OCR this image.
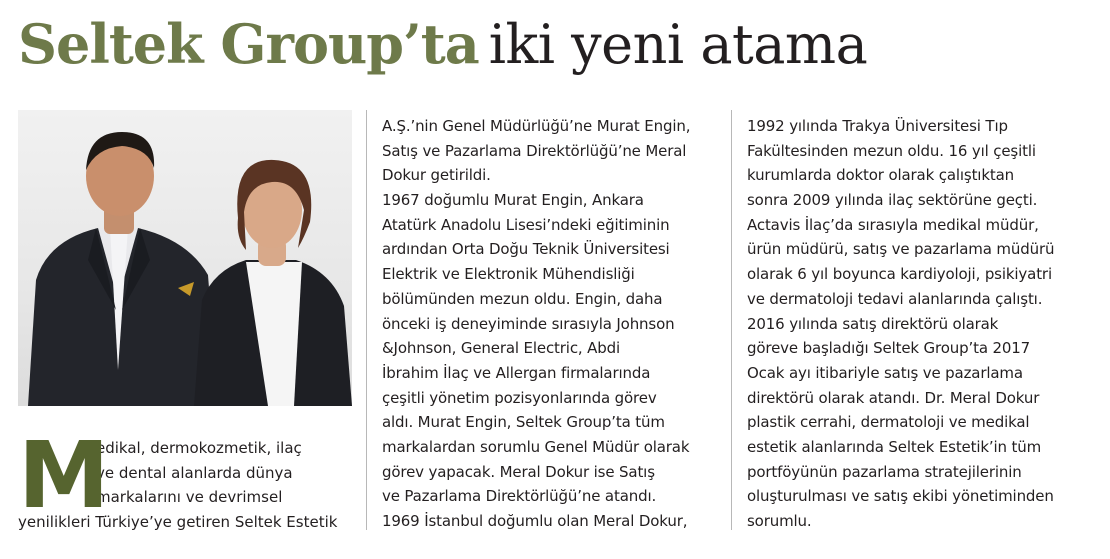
Seltek Group’ta iki yeni atama
M
edikal, dermokozmetik, ilaç
ve dental alanlarda dünya
markalarını ve devrimsel
yenilikleri Türkiye’ye getiren Seltek Estetik
A.Ş.’nin Genel Müdürlüğü’ne Murat Engin,
Satış ve Pazarlama Direktörlüğü’ne Meral
Dokur getirildi.
1967 doğumlu Murat Engin, Ankara
Atatürk Anadolu Lisesi’ndeki eğitiminin
ardından Orta Doğu Teknik Üniversitesi
Elektrik ve Elektronik Mühendisliği
bölümünden mezun oldu. Engin, daha
önceki iş deneyiminde sırasıyla Johnson
&Johnson, General Electric, Abdi
İbrahim İlaç ve Allergan firmalarında
çeşitli yönetim pozisyonlarında görev
aldı. Murat Engin, Seltek Group’ta tüm
markalardan sorumlu Genel Müdür olarak
görev yapacak. Meral Dokur ise Satış
ve Pazarlama Direktörlüğü’ne atandı.
1969 İstanbul doğumlu olan Meral Dokur,
1992 yılında Trakya Üniversitesi Tıp
Fakültesinden mezun oldu. 16 yıl çeşitli
kurumlarda doktor olarak çalıştıktan
sonra 2009 yılında ilaç sektörüne geçti.
Actavis İlaç’da sırasıyla medikal müdür,
ürün müdürü, satış ve pazarlama müdürü
olarak 6 yıl boyunca kardiyoloji, psikiyatri
ve dermatoloji tedavi alanlarında çalıştı.
2016 yılında satış direktörü olarak
göreve başladığı Seltek Group’ta 2017
Ocak ayı itibariyle satış ve pazarlama
direktörü olarak atandı. Dr. Meral Dokur
plastik cerrahi, dermatoloji ve medikal
estetik alanlarında Seltek Estetik’in tüm
portföyünün pazarlama stratejilerinin
oluşturulması ve satış ekibi yönetiminden
sorumlu.
